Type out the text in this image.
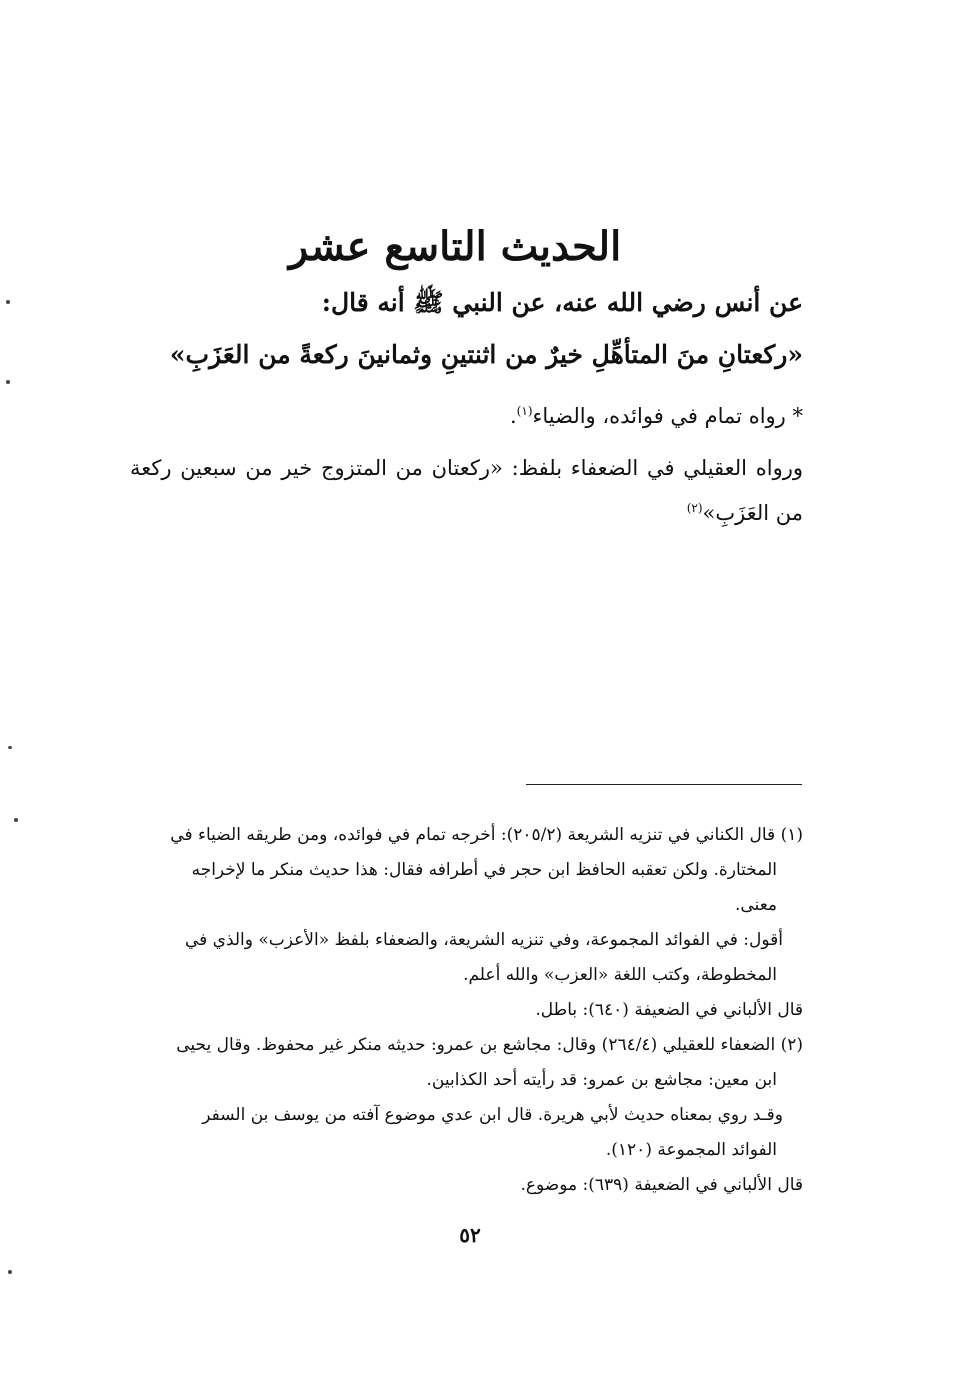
الحديث التاسع عشر
عن أنس رضي الله عنه، عن النبي ﷺ أنه قال:
«ركعتانِ منَ المتأهِّلِ خيرٌ من اثنتينِ وثمانينَ ركعةً من العَزَبِ»
* رواه تمام في فوائده، والضياء$^{(١)}$.
ورواه العقيلي في الضعفاء بلفظ: «ركعتان من المتزوج خير من سبعين ركعة من العَزَبِ»$^{(٢)}$
(١) قال الكناني في تنزيه الشريعة (٢٠٥/٢): أخرجه تمام في فوائده، ومن طريقه الضياء في
المختارة. ولكن تعقبه الحافظ ابن حجر في أطرافه فقال: هذا حديث منكر ما لإخراجه
معنى.
أقول: في الفوائد المجموعة، وفي تنزيه الشريعة، والضعفاء بلفظ «الأعزب» والذي في
المخطوطة، وكتب اللغة «العزب» والله أعلم.
قال الألباني في الضعيفة (٦٤٠): باطل.
(٢) الضعفاء للعقيلي (٢٦٤/٤) وقال: مجاشع بن عمرو: حديثه منكر غير محفوظ. وقال يحيى
ابن معين: مجاشع بن عمرو: قد رأيته أحد الكذابين.
وقـد روي بمعناه حديث لأبي هريرة. قال ابن عدي موضوع آفته من يوسف بن السفر
الفوائد المجموعة (١٢٠).
قال الألباني في الضعيفة (٦٣٩): موضوع.
٥٢
